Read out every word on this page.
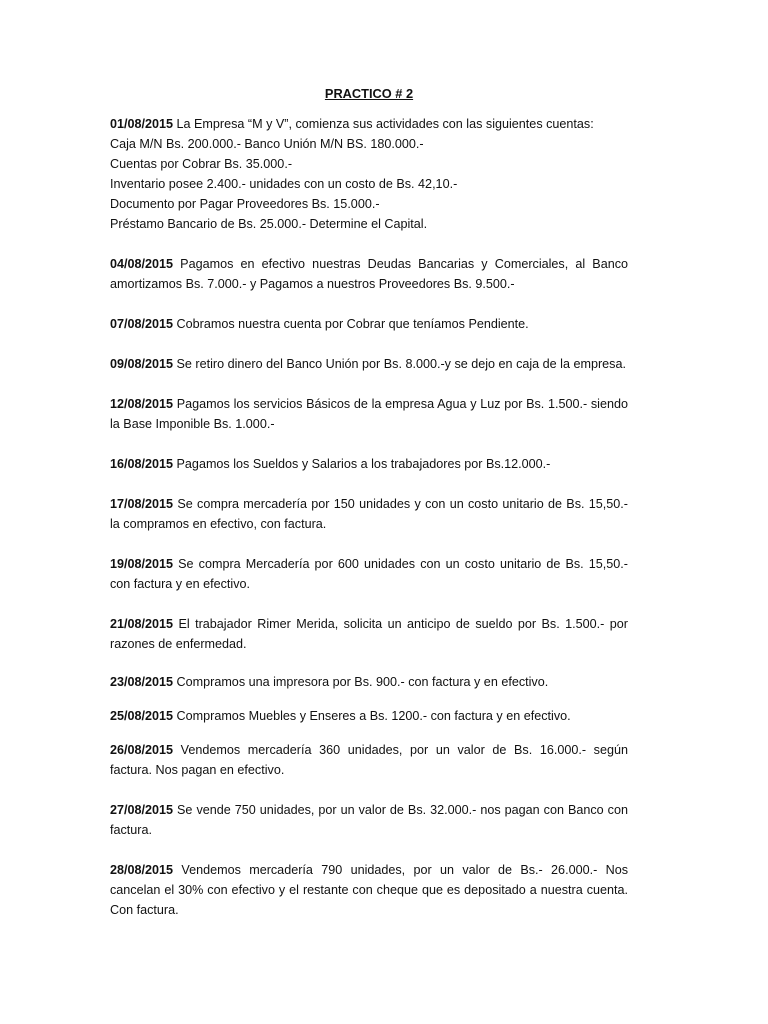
PRACTICO # 2

01/08/2015 La Empresa “M y V”, comienza sus actividades con las siguientes cuentas:

Caja M/N Bs. 200.000.- Banco Unión M/N BS. 180.000.-

Cuentas por Cobrar Bs. 35.000.-

Inventario posee 2.400.- unidades con un costo de Bs. 42,10.-

Documento por Pagar Proveedores Bs. 15.000.-

Préstamo Bancario de Bs. 25.000.- Determine el Capital.

04/08/2015 Pagamos en efectivo nuestras Deudas Bancarias y Comerciales, al Banco amortizamos Bs. 7.000.- y Pagamos a nuestros Proveedores Bs. 9.500.-

07/08/2015 Cobramos nuestra cuenta por Cobrar que teníamos Pendiente.

09/08/2015 Se retiro dinero del Banco Unión por Bs. 8.000.-y se dejo en caja de la empresa.

12/08/2015 Pagamos los servicios Básicos de la empresa Agua y Luz por Bs. 1.500.- siendo la Base Imponible Bs. 1.000.-

16/08/2015 Pagamos los Sueldos y Salarios a los trabajadores por Bs.12.000.-

17/08/2015 Se compra mercadería por 150 unidades y con un costo unitario de Bs. 15,50.- la compramos en efectivo, con factura.

19/08/2015 Se compra Mercadería por 600 unidades con un costo unitario de Bs. 15,50.- con factura y en efectivo.

21/08/2015 El trabajador Rimer Merida, solicita un anticipo de sueldo por Bs. 1.500.- por razones de enfermedad.

23/08/2015 Compramos una impresora por Bs. 900.- con factura y en efectivo.

25/08/2015 Compramos Muebles y Enseres a Bs. 1200.- con factura y en efectivo.

26/08/2015 Vendemos mercadería 360 unidades, por un valor de Bs. 16.000.- según factura. Nos pagan en efectivo.

27/08/2015 Se vende 750 unidades, por un valor de Bs. 32.000.- nos pagan con Banco con factura.

28/08/2015 Vendemos mercadería 790 unidades, por un valor de Bs.- 26.000.- Nos cancelan el 30% con efectivo y el restante con cheque que es depositado a nuestra cuenta. Con factura.
